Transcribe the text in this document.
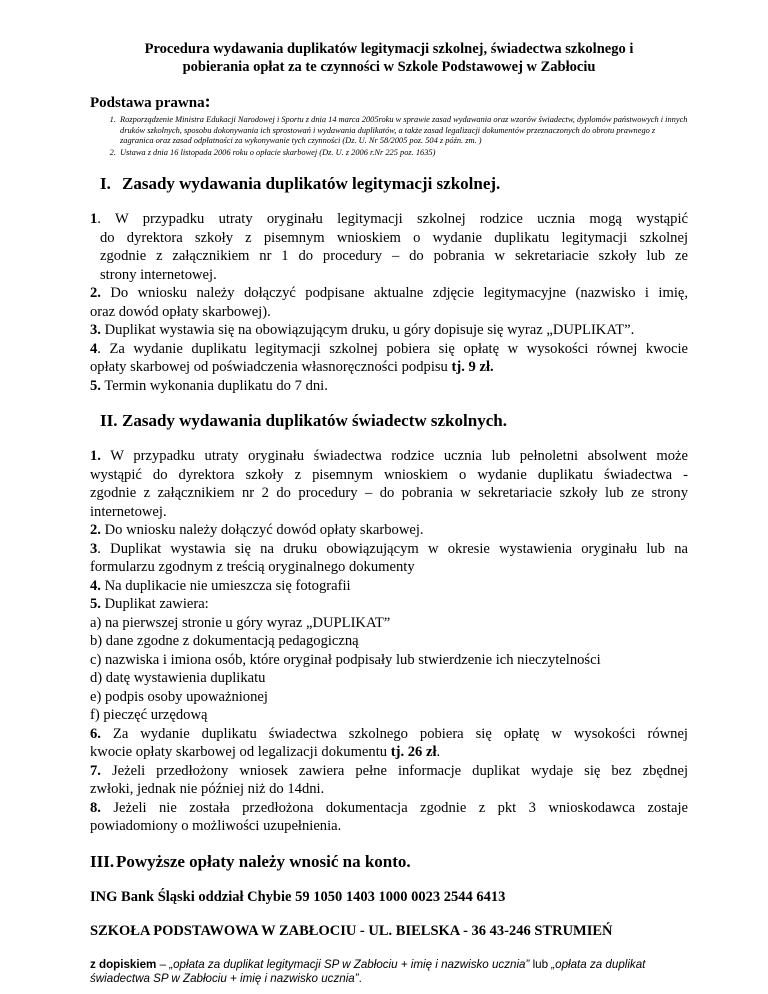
Procedura wydawania duplikatów legitymacji szkolnej, świadectwa szkolnego i
pobierania opłat za te czynności w Szkole Podstawowej w Zabłociu
Podstawa prawna:
1. Rozporządzenie Ministra Edukacji Narodowej i Sportu z dnia 14 marca 2005roku w sprawie zasad wydawania oraz wzorów świadectw, dyplomów państwowych i innych druków szkolnych, sposobu dokonywania ich sprostowań i wydawania duplikatów, a także zasad legalizacji dokumentów przeznaczonych do obrotu prawnego z zagranica oraz zasad odpłatności za wykonywanie tych czynności (Dz. U. Nr 58/2005 poz. 504 z późn. zm. )
2. Ustawa z dnia 16 listopada 2006 roku o opłacie skarbowej (Dz. U. z 2006 r.Nr 225 poz. 1635)
I. Zasady wydawania duplikatów legitymacji szkolnej.
1. W przypadku utraty oryginału legitymacji szkolnej rodzice ucznia mogą wystąpić
do dyrektora szkoły z pisemnym wnioskiem o wydanie duplikatu legitymacji szkolnej
zgodnie z załącznikiem nr 1 do procedury – do pobrania w sekretariacie szkoły lub ze
strony internetowej.
2. Do wniosku należy dołączyć podpisane aktualne zdjęcie legitymacyjne (nazwisko i imię,
oraz dowód opłaty skarbowej).
3. Duplikat wystawia się na obowiązującym druku, u góry dopisuje się wyraz „DUPLIKAT”.
4. Za wydanie duplikatu legitymacji szkolnej pobiera się opłatę w wysokości równej kwocie
opłaty skarbowej od poświadczenia własnoręczności podpisu tj. 9 zł.
5. Termin wykonania duplikatu do 7 dni.
II. Zasady wydawania duplikatów świadectw szkolnych.
1. W przypadku utraty oryginału świadectwa rodzice ucznia lub pełnoletni absolwent może
wystąpić do dyrektora szkoły z pisemnym wnioskiem o wydanie duplikatu świadectwa -
zgodnie z załącznikiem nr 2 do procedury – do pobrania w sekretariacie szkoły lub ze strony
internetowej.
2. Do wniosku należy dołączyć dowód opłaty skarbowej.
3. Duplikat wystawia się na druku obowiązującym w okresie wystawienia oryginału lub na
formularzu zgodnym z treścią oryginalnego dokumenty
4. Na duplikacie nie umieszcza się fotografii
5. Duplikat zawiera:
a) na pierwszej stronie u góry wyraz „DUPLIKAT”
b) dane zgodne z dokumentacją pedagogiczną
c) nazwiska i imiona osób, które oryginał podpisały lub stwierdzenie ich nieczytelności
d) datę wystawienia duplikatu
e) podpis osoby upoważnionej
f) pieczęć urzędową
6. Za wydanie duplikatu świadectwa szkolnego pobiera się opłatę w wysokości równej
kwocie opłaty skarbowej od legalizacji dokumentu tj. 26 zł.
7. Jeżeli przedłożony wniosek zawiera pełne informacje duplikat wydaje się bez zbędnej
zwłoki, jednak nie później niż do 14dni.
8. Jeżeli nie została przedłożona dokumentacja zgodnie z pkt 3 wnioskodawca zostaje
powiadomiony o możliwości uzupełnienia.
III. Powyższe opłaty należy wnosić na konto.
ING Bank Śląski oddział Chybie 59 1050 1403 1000 0023 2544 6413
SZKOŁA PODSTAWOWA W ZABŁOCIU - UL. BIELSKA - 36 43-246 STRUMIEŃ
z dopiskiem – „opłata za duplikat legitymacji SP w Zabłociu + imię i nazwisko ucznia” lub „opłata za duplikat świadectwa SP w Zabłociu + imię i nazwisko ucznia”.
